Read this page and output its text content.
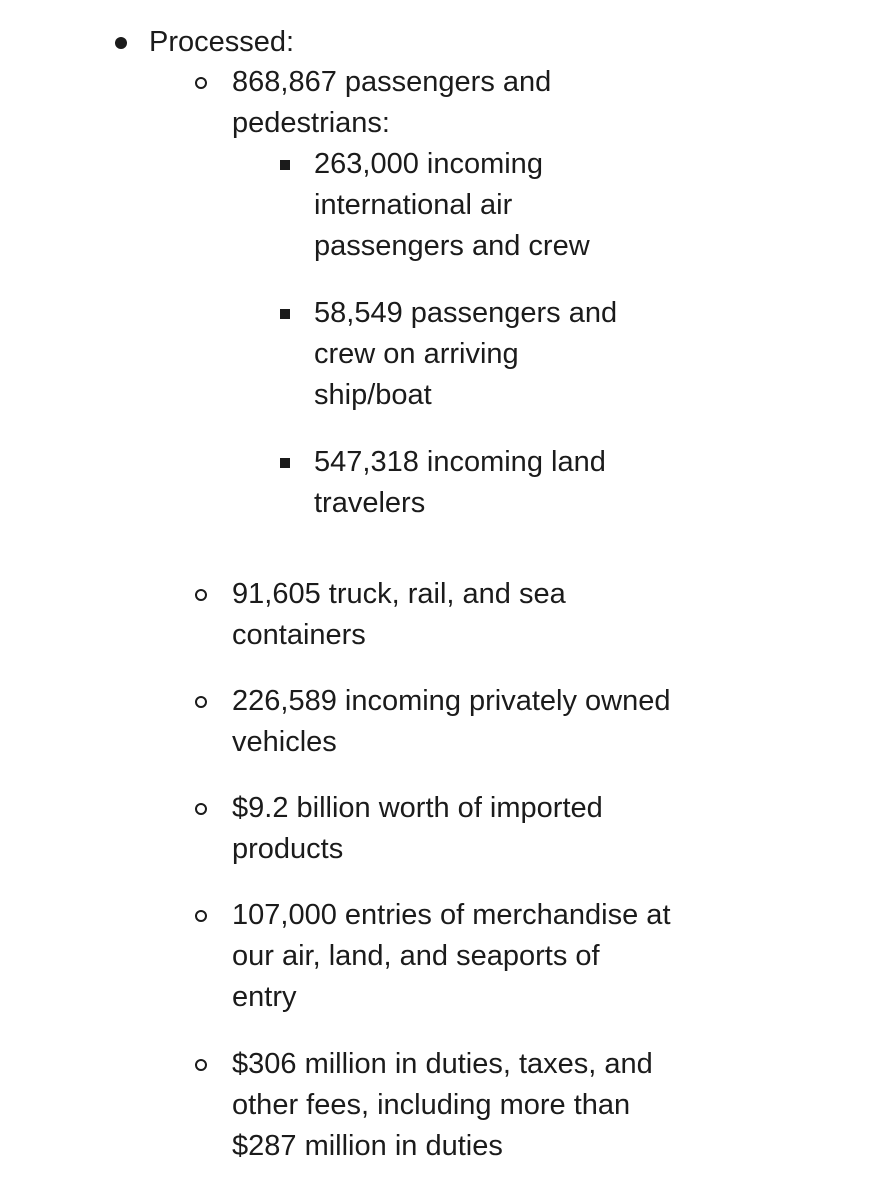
Processed:
868,867 passengers and
pedestrians:
263,000 incoming
international air
passengers and crew
58,549 passengers and
crew on arriving
ship/boat
547,318 incoming land
travelers
91,605 truck, rail, and sea
containers
226,589 incoming privately owned
vehicles
$9.2 billion worth of imported
products
107,000 entries of merchandise at
our air, land, and seaports of
entry
$306 million in duties, taxes, and
other fees, including more than
$287 million in duties
